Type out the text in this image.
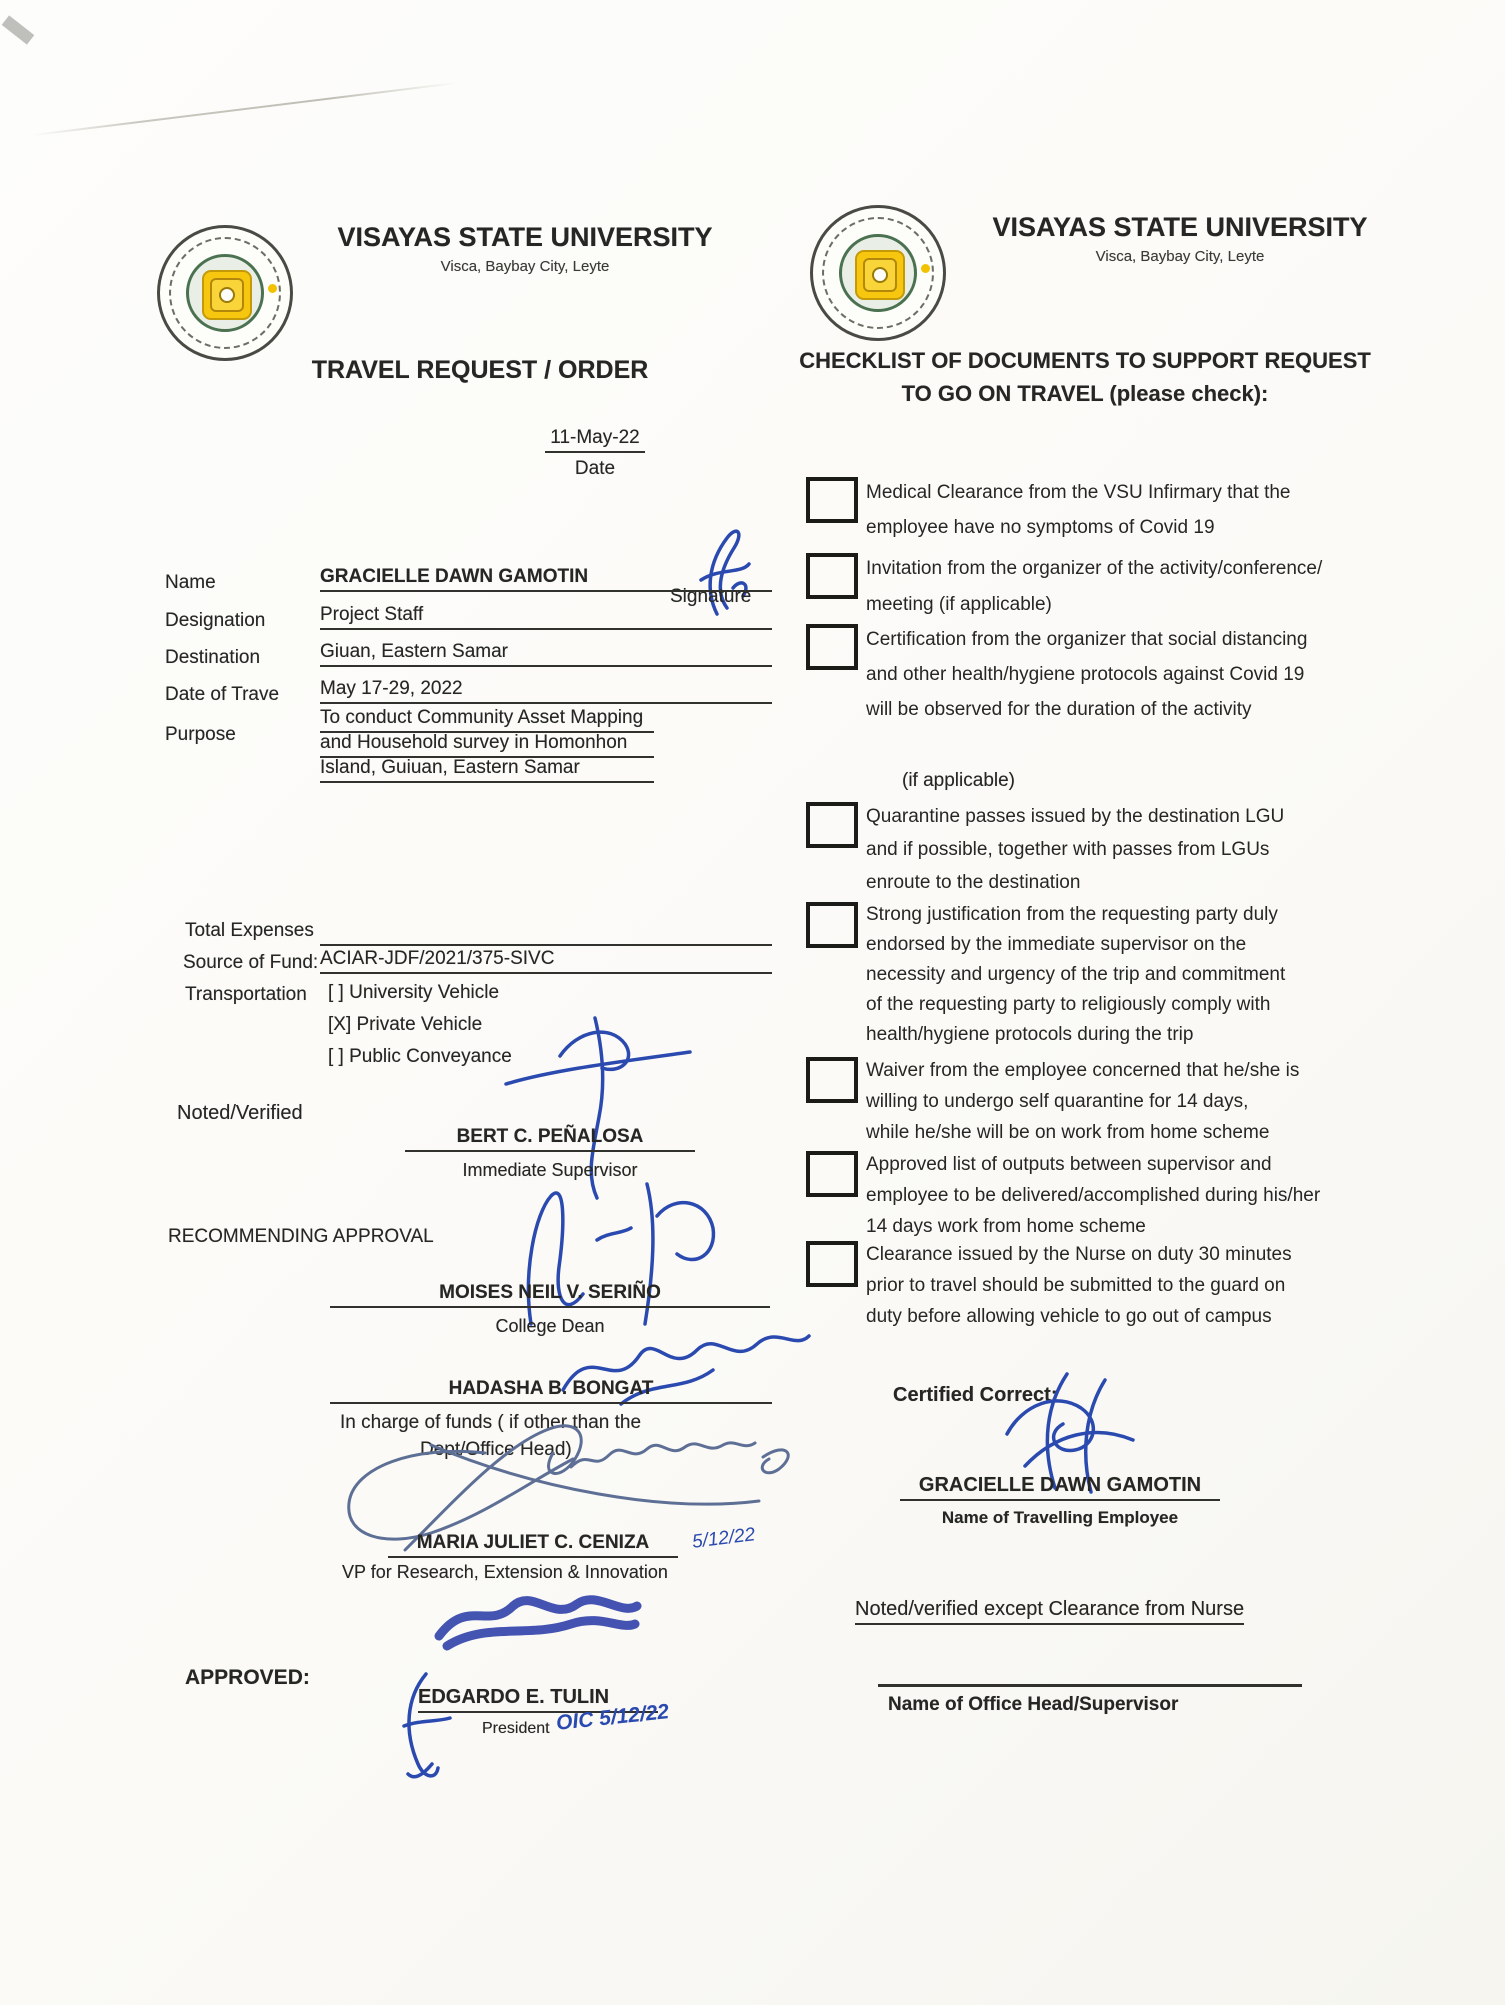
VISAYAS STATE UNIVERSITY
Visca, Baybay City, Leyte
TRAVEL REQUEST / ORDER
11-May-22
Date
Signature
Name	GRACIELLE DAWN GAMOTIN
Designation	Project Staff
Destination	Giuan, Eastern Samar
Date of Trave May 17-29, 2022
Purpose
To conduct Community Asset Mapping
and Household survey in Homonhon
Island, Guiuan, Eastern Samar
Total Expenses
Source of Fund: ACIAR-JDF/2021/375-SIVC
Transportation [ ] University Vehicle
[X] Private Vehicle
[ ] Public Conveyance
Noted/Verified
BERT C. PEÑALOSA
Immediate Supervisor
RECOMMENDING APPROVAL
MOISES NEIL V. SERIÑO
College Dean
HADASHA B. BONGAT
In charge of funds ( if other than the
Dept/Office Head)
MARIA JULIET C. CENIZA	5/12/22
VP for Research, Extension & Innovation
APPROVED:
EDGARDO E. TULIN
President OIC 5/12/22
VISAYAS STATE UNIVERSITY
Visca, Baybay City, Leyte
CHECKLIST OF DOCUMENTS TO SUPPORT REQUEST
TO GO ON TRAVEL (please check):
Medical Clearance from the VSU Infirmary that the
employee have no symptoms of Covid 19
Invitation from the organizer of the activity/conference/
meeting (if applicable)
Certification from the organizer that social distancing
and other health/hygiene protocols against Covid 19
will be observed for the duration of the activity
(if applicable)
Quarantine passes issued by the destination LGU
and if possible, together with passes from LGUs
enroute to the destination
Strong justification from the requesting party duly
endorsed by the immediate supervisor on the
necessity and urgency of the trip and commitment
of the requesting party to religiously comply with
health/hygiene protocols during the trip
Waiver from the employee concerned that he/she is
willing to undergo self quarantine for 14 days,
while he/she will be on work from home scheme
Approved list of outputs between supervisor and
employee to be delivered/accomplished during his/her
14 days work from home scheme
Clearance issued by the Nurse on duty 30 minutes
prior to travel should be submitted to the guard on
duty before allowing vehicle to go out of campus
Certified Correct:
GRACIELLE DAWN GAMOTIN
Name of Travelling Employee
Noted/verified except Clearance from Nurse
Name of Office Head/Supervisor
